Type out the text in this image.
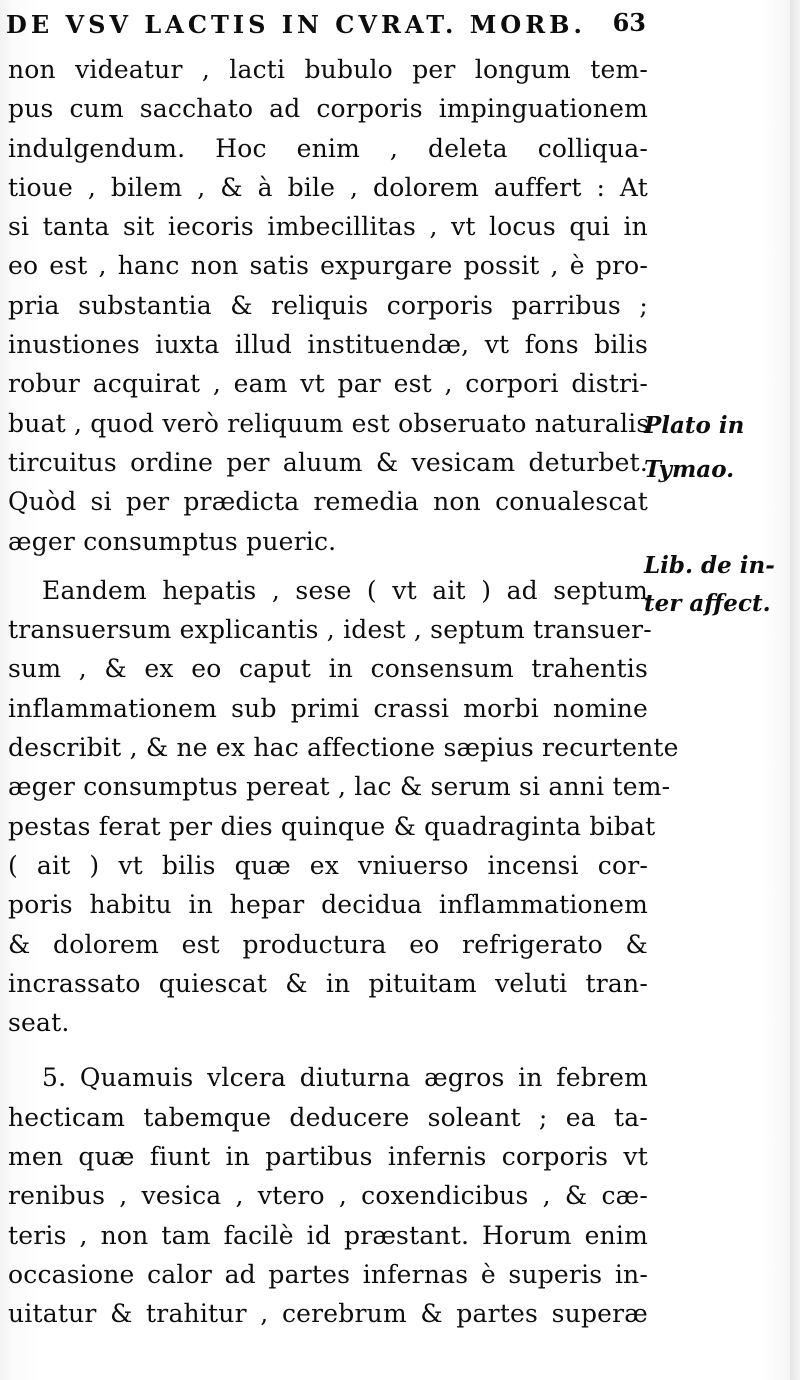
DE VSV LACTIS IN CVRAT. MORB. 63
non videatur , lacti bubulo per longum tem-
pus cum sacchato ad corporis impinguationem
indulgendum. Hoc enim , deleta colliqua-
tioue , bilem , & à bile , dolorem auffert : At
si tanta sit iecoris imbecillitas , vt locus qui in
eo est , hanc non satis expurgare possit , è pro-
pria substantia & reliquis corporis parribus ;
inustiones iuxta illud instituendæ, vt fons bilis
robur acquirat , eam vt par est , corpori distri-
buat , quod verò reliquum est obseruato naturalis
tircuitus ordine per aluum & vesicam deturbet.
Quòd si per prædicta remedia non conualescat
æger consumptus pueric.
Eandem hepatis , sese ( vt ait ) ad septum
transuersum explicantis , idest , septum transuer-
sum , & ex eo caput in consensum trahentis
inflammationem sub primi crassi morbi nomine
describit , & ne ex hac affectione sæpius recurtente
æger consumptus pereat , lac & serum si anni tem-
pestas ferat per dies quinque & quadraginta bibat
( ait ) vt bilis quæ ex vniuerso incensi cor-
poris habitu in hepar decidua inflammationem
& dolorem est productura eo refrigerato &
incrassato quiescat & in pituitam veluti tran-
seat.
5. Quamuis vlcera diuturna ægros in febrem
hecticam tabemque deducere soleant ; ea ta-
men quæ fiunt in partibus infernis corporis vt
renibus , vesica , vtero , coxendicibus , & cæ-
teris , non tam facilè id præstant. Horum enim
occasione calor ad partes infernas è superis in-
uitatur & trahitur , cerebrum & partes superæ
Plato in
Tymao.
Lib. de in-
ter affect.
